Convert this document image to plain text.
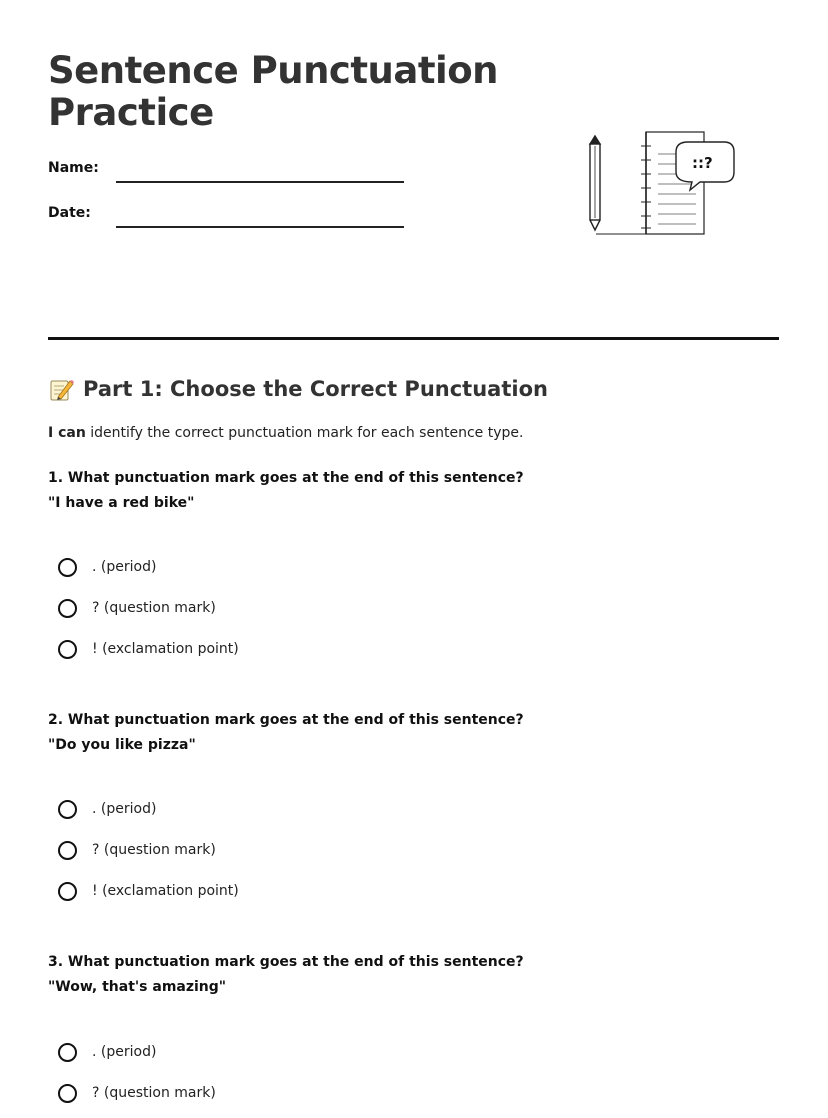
Sentence Punctuation Practice
Name:
Date:
::?
Part 1: Choose the Correct Punctuation
I can identify the correct punctuation mark for each sentence type.

1. What punctuation mark goes at the end of this sentence?

"I have a red bike"

. (period)
? (question mark)
! (exclamation point)

2. What punctuation mark goes at the end of this sentence?

"Do you like pizza"

. (period)
? (question mark)
! (exclamation point)

3. What punctuation mark goes at the end of this sentence?

"Wow, that's amazing"

. (period)
? (question mark)
